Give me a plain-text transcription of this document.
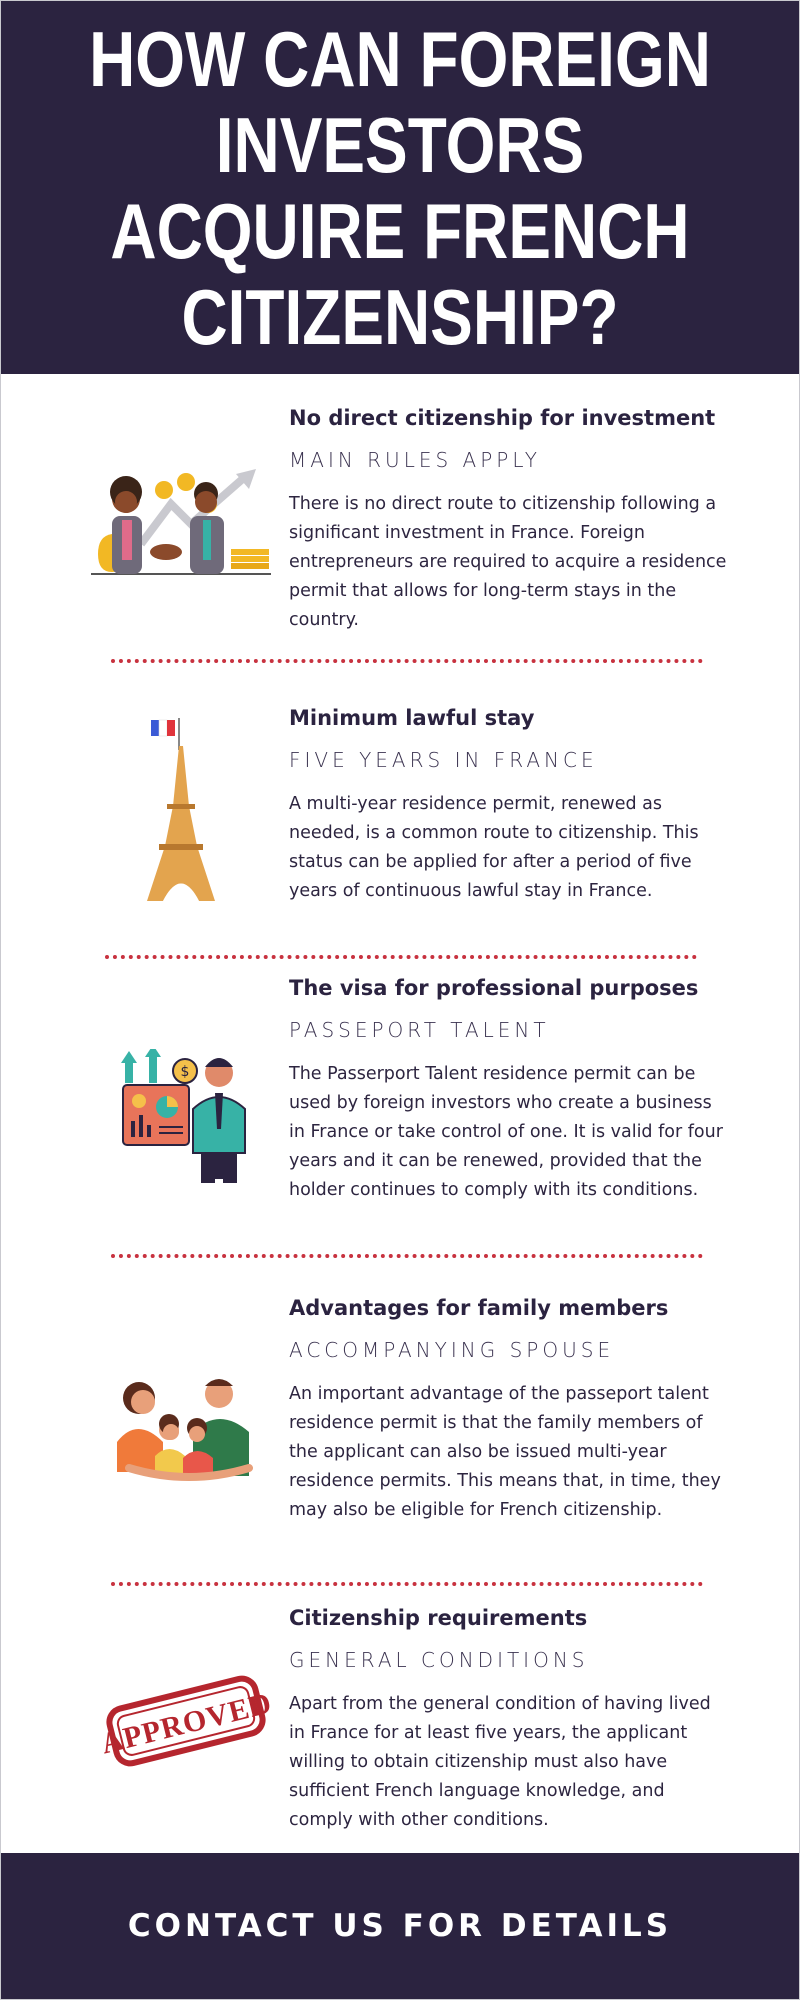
HOW CAN FOREIGN INVESTORS ACQUIRE FRENCH CITIZENSHIP?

No direct citizenship for investment

MAIN RULES APPLY

There is no direct route to citizenship following a significant investment in France. Foreign entrepreneurs are required to acquire a residence permit that allows for long-term stays in the country.

Minimum lawful stay

FIVE YEARS IN FRANCE

A multi-year residence permit, renewed as needed, is a common route to citizenship. This status can be applied for after a period of five years of continuous lawful stay in France.

$

The visa for professional purposes

PASSEPORT TALENT

The Passerport Talent residence permit can be used by foreign investors who create a business in France or take control of one. It is valid for four years and it can be renewed, provided that the holder continues to comply with its conditions.

Advantages for family members

ACCOMPANYING SPOUSE

An important advantage of the passeport talent residence permit is that the family members of the applicant can also be issued multi-year residence permits. This means that, in time, they may also be eligible for French citizenship.

APPROVED

Citizenship requirements

GENERAL CONDITIONS

Apart from the general condition of having lived in France for at least five years, the applicant willing to obtain citizenship must also have sufficient French language knowledge, and comply with other conditions.

CONTACT US FOR DETAILS
